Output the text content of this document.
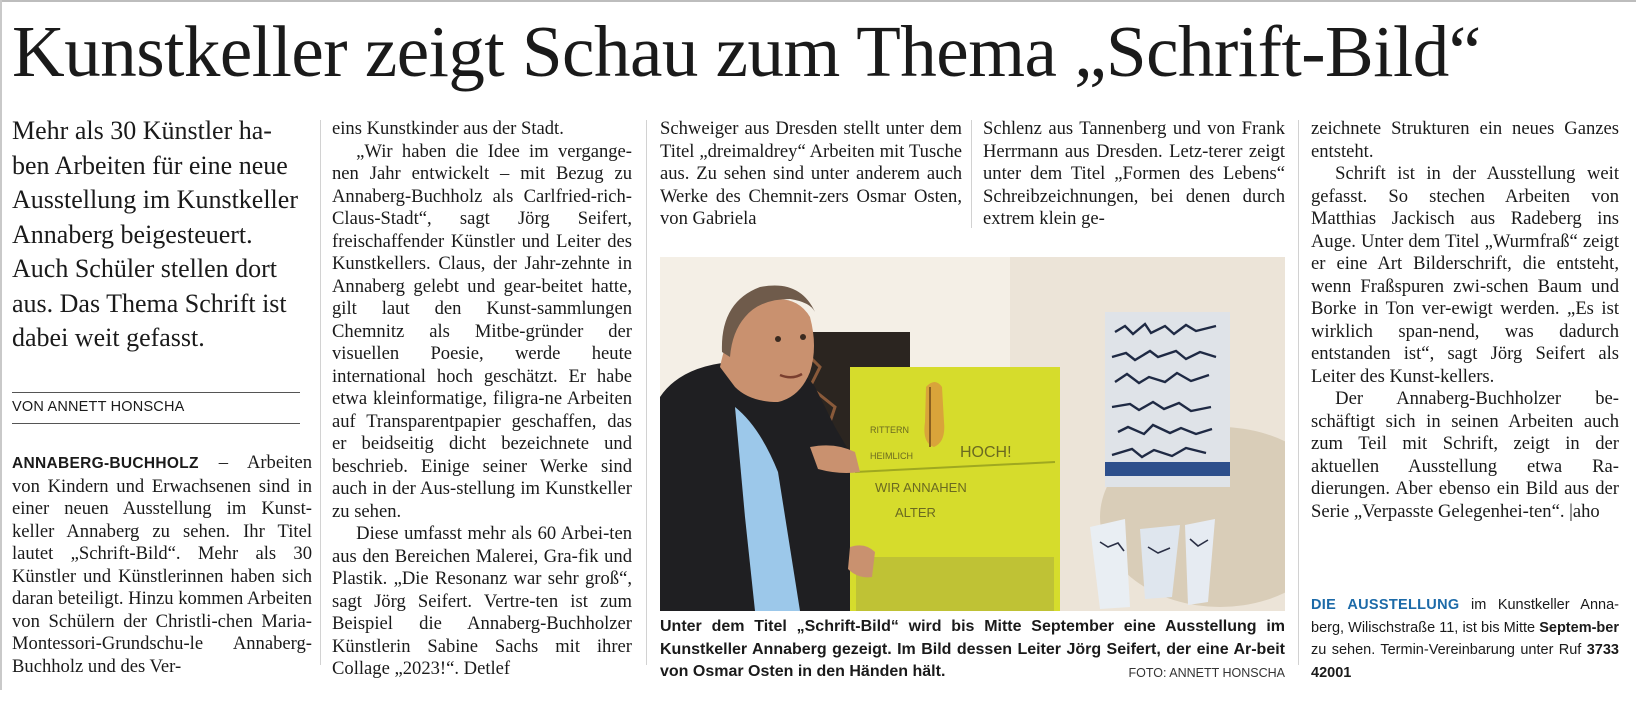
Kunstkeller zeigt Schau zum Thema „Schrift-Bild“
Mehr als 30 Künstler ha-ben Arbeiten für eine neue Ausstellung im Kunstkeller Annaberg beigesteuert. Auch Schüler stellen dort aus. Das Thema Schrift ist dabei weit gefasst.
VON ANNETT HONSCHA

ANNABERG-BUCHHOLZ – Arbeiten von Kindern und Erwachsenen sind in einer neuen Ausstellung im Kunst-keller Annaberg zu sehen. Ihr Titel lautet „Schrift-Bild“. Mehr als 30 Künstler und Künstlerinnen haben sich daran beteiligt. Hinzu kommen Arbeiten von Schülern der Christli-chen Maria-Montessori-Grundschu-le Annaberg-Buchholz und des Ver-

eins Kunstkinder aus der Stadt.

„Wir haben die Idee im vergange-nen Jahr entwickelt – mit Bezug zu Annaberg-Buchholz als Carlfried-rich-Claus-Stadt“, sagt Jörg Seifert, freischaffender Künstler und Leiter des Kunstkellers. Claus, der Jahr-zehnte in Annaberg gelebt und gear-beitet hatte, gilt laut den Kunst-sammlungen Chemnitz als Mitbe-gründer der visuellen Poesie, werde heute international hoch geschätzt. Er habe etwa kleinformatige, filigra-ne Arbeiten auf Transparentpapier geschaffen, das er beidseitig dicht bezeichnete und beschrieb. Einige seiner Werke sind auch in der Aus-stellung im Kunstkeller zu sehen.

Diese umfasst mehr als 60 Arbei-ten aus den Bereichen Malerei, Gra-fik und Plastik. „Die Resonanz war sehr groß“, sagt Jörg Seifert. Vertre-ten ist zum Beispiel die Annaberg-Buchholzer Künstlerin Sabine Sachs mit ihrer Collage „2023!“. Detlef

Schweiger aus Dresden stellt unter dem Titel „dreimaldrey“ Arbeiten mit Tusche aus. Zu sehen sind unter anderem auch Werke des Chemnit-zers Osmar Osten, von Gabriela

Schlenz aus Tannenberg und von Frank Herrmann aus Dresden. Letz-terer zeigt unter dem Titel „Formen des Lebens“ Schreibzeichnungen, bei denen durch extrem klein ge-

RITTERN
HEIMLICH	HOCH!
WIR ANNAHEN
ALTER
Unter dem Titel „Schrift-Bild“ wird bis Mitte September eine Ausstellung im Kunstkeller Annaberg gezeigt. Im Bild dessen Leiter Jörg Seifert, der eine Ar-beit von Osmar Osten in den Händen hält.	FOTO: ANNETT HONSCHA

zeichnete Strukturen ein neues Ganzes entsteht.

Schrift ist in der Ausstellung weit gefasst. So stechen Arbeiten von Matthias Jackisch aus Radeberg ins Auge. Unter dem Titel „Wurmfraß“ zeigt er eine Art Bilderschrift, die entsteht, wenn Fraßspuren zwi-schen Baum und Borke in Ton ver-ewigt werden. „Es ist wirklich span-nend, was dadurch entstanden ist“, sagt Jörg Seifert als Leiter des Kunst-kellers.

Der Annaberg-Buchholzer be-schäftigt sich in seinen Arbeiten auch zum Teil mit Schrift, zeigt in der aktuellen Ausstellung etwa Ra-dierungen. Aber ebenso ein Bild aus der Serie „Verpasste Gelegenhei-ten“. |aho

DIE AUSSTELLUNG im Kunstkeller Anna-berg, Wilischstraße 11, ist bis Mitte Septem-ber zu sehen. Termin-Vereinbarung unter Ruf 3733 42001
